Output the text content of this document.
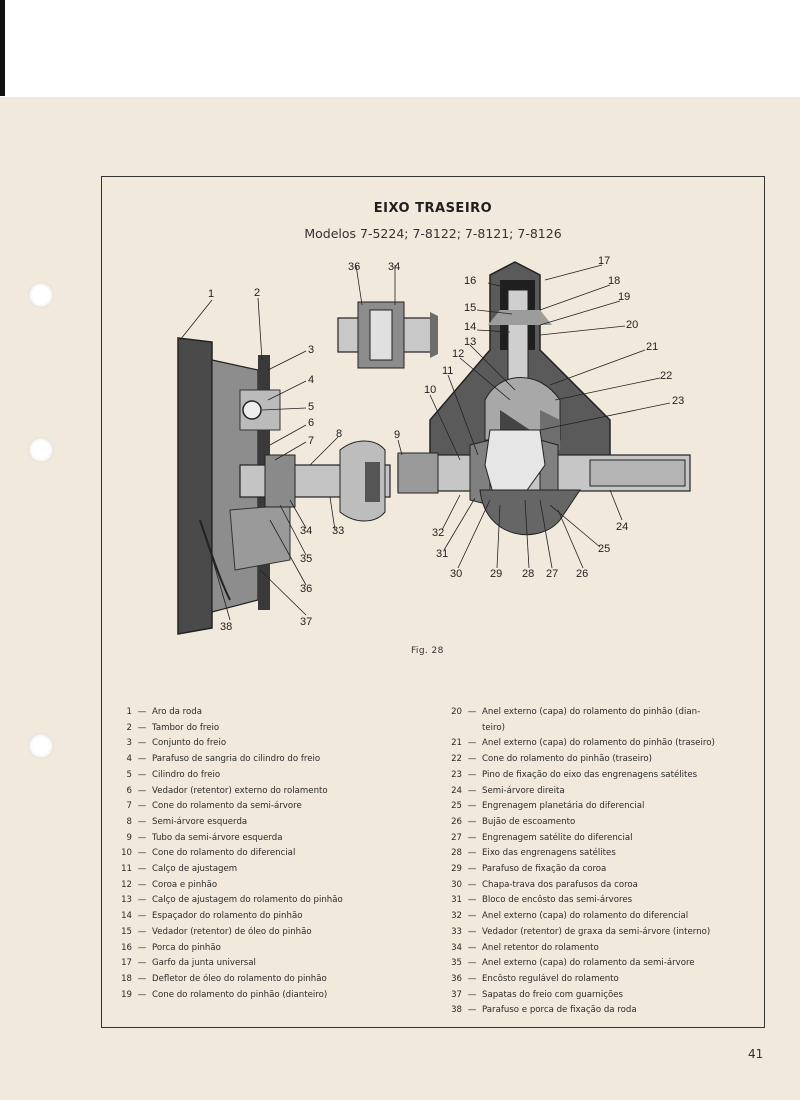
EIXO TRASEIRO
Modelos 7-5224; 7-8122; 7-8121; 7-8126
1	2
3
4
5
6
7
8	9
10
11
12
13
14
15
16
17
18
19
20
21
22
23
24
25
26
27
28
29
30
31
32
33
34
35
36
37
38
36	34
Fig. 28
1 — Aro da roda
2 — Tambor do freio
3 — Conjunto do freio
4 — Parafuso de sangria do cilindro do freio
5 — Cilindro do freio
6 — Vedador (retentor) externo do rolamento
7 — Cone do rolamento da semi-árvore
8 — Semi-árvore esquerda
9 — Tubo da semi-árvore esquerda
10 — Cone do rolamento do diferencial
11 — Calço de ajustagem
12 — Coroa e pinhão
13 — Calço de ajustagem do rolamento do pinhão
14 — Espaçador do rolamento do pinhão
15 — Vedador (retentor) de óleo do pinhão
16 — Porca do pinhão
17 — Garfo da junta universal
18 — Defletor de óleo do rolamento do pinhão
19 — Cone do rolamento do pinhão (dianteiro)
20 — Anel externo (capa) do rolamento do pinhão (dian-
teiro)
21 — Anel externo (capa) do rolamento do pinhão (traseiro)
22 — Cone do rolamento do pinhão (traseiro)
23 — Pino de fixação do eixo das engrenagens satélites
24 — Semi-árvore direita
25 — Engrenagem planetária do diferencial
26 — Bujão de escoamento
27 — Engrenagem satélite do diferencial
28 — Eixo das engrenagens satélites
29 — Parafuso de fixação da coroa
30 — Chapa-trava dos parafusos da coroa
31 — Bloco de encôsto das semi-árvores
32 — Anel externo (capa) do rolamento do diferencial
33 — Vedador (retentor) de graxa da semi-árvore (interno)
34 — Anel retentor do rolamento
35 — Anel externo (capa) do rolamento da semi-árvore
36 — Encôsto regulável do rolamento
37 — Sapatas do freio com guarnições
38 — Parafuso e porca de fixação da roda
41
